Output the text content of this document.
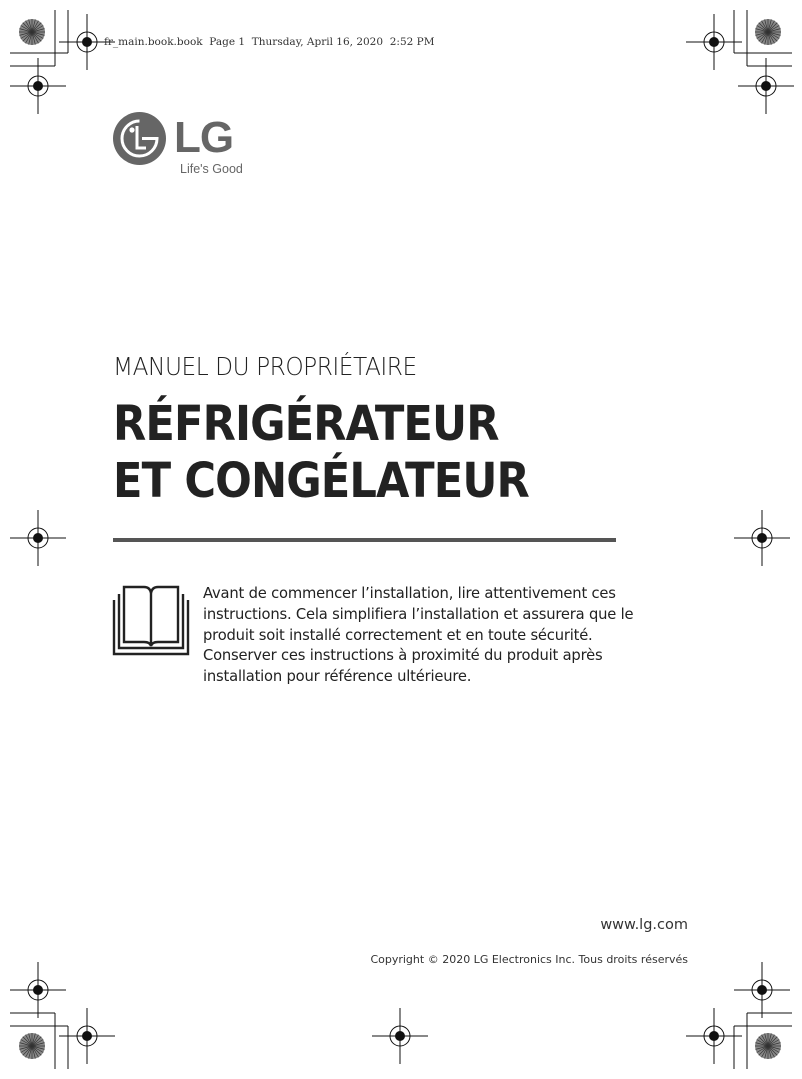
fr_main.book.book  Page 1  Thursday, April 16, 2020  2:52 PM
LG
Life's Good
MANUEL DU PROPRIÉTAIRE
RÉFRIGÉRATEUR
ET CONGÉLATEUR
Avant de commencer l’installation, lire attentivement ces
instructions. Cela simplifiera l’installation et assurera que le
produit soit installé correctement et en toute sécurité.
Conserver ces instructions à proximité du produit après
installation pour référence ultérieure.
www.lg.com
Copyright © 2020 LG Electronics Inc. Tous droits réservés
